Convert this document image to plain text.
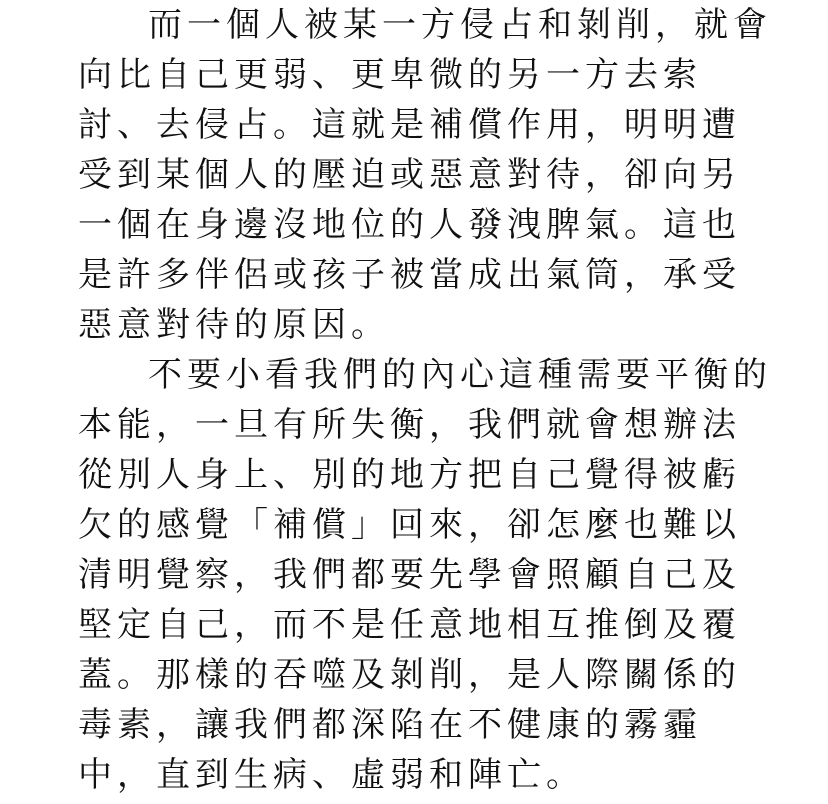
而一個人被某一方侵占和剝削，就會
向比自己更弱、更卑微的另一方去索
討、去侵占。這就是補償作用，明明遭
受到某個人的壓迫或惡意對待，卻向另
一個在身邊沒地位的人發洩脾氣。這也
是許多伴侶或孩子被當成出氣筒，承受
惡意對待的原因。
不要小看我們的內心這種需要平衡的
本能，一旦有所失衡，我們就會想辦法
從別人身上、別的地方把自己覺得被虧
欠的感覺「補償」回來，卻怎麼也難以
清明覺察，我們都要先學會照顧自己及
堅定自己，而不是任意地相互推倒及覆
蓋。那樣的吞噬及剝削，是人際關係的
毒素，讓我們都深陷在不健康的霧霾
中，直到生病、虛弱和陣亡。
